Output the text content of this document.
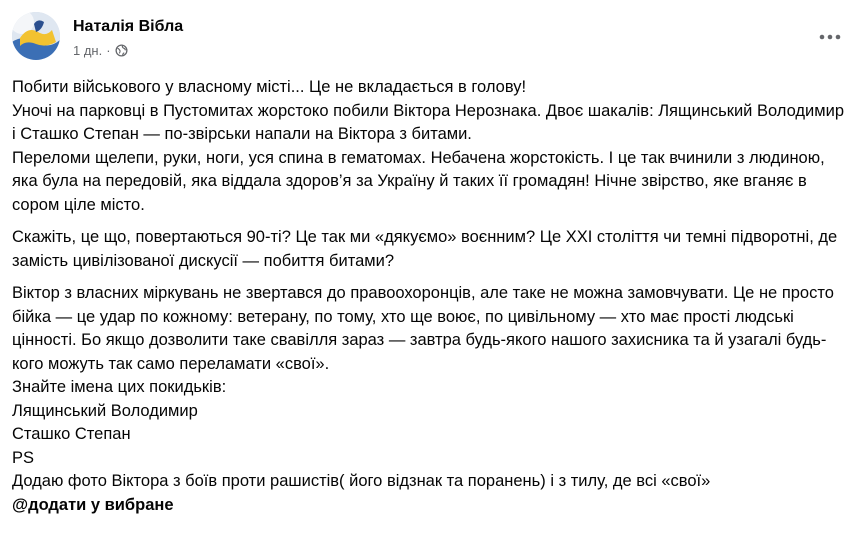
Наталія Вібла
1 дн. ·

Побити військового у власному місті... Це не вкладається в голову!

Уночі на парковці в Пустомитах жорстоко побили Віктора Нерознака. Двоє шакалів: Лящинський Володимир і Сташко Степан — по-звірськи напали на Віктора з битами.

Переломи щелепи, руки, ноги, уся спина в гематомах. Небачена жорстокість. І це так вчинили з людиною, яка була на передовій, яка віддала здоров’я за Україну й таких її громадян! Нічне звірство, яке вганяє в сором ціле місто.

Скажіть, це що, повертаються 90-ті? Це так ми «дякуємо» воєнним? Це XXI століття чи темні підворотні, де замість цивілізованої дискусії — побиття битами?

Віктор з власних міркувань не звертався до правоохоронців, але таке не можна замовчувати. Це не просто бійка — це удар по кожному: ветерану, по тому, хто ще воює, по цивільному — хто має прості людські цінності. Бо якщо дозволити таке свавілля зараз — завтра будь-якого нашого захисника та й узагалі будь-кого можуть так само переламати «свої».

Знайте імена цих покидьків:

Лящинський Володимир

Сташко Степан

PS

Додаю фото Віктора з боїв проти рашистів( його відзнак та поранень) і з тилу, де всі «свої»

@додати у вибране
